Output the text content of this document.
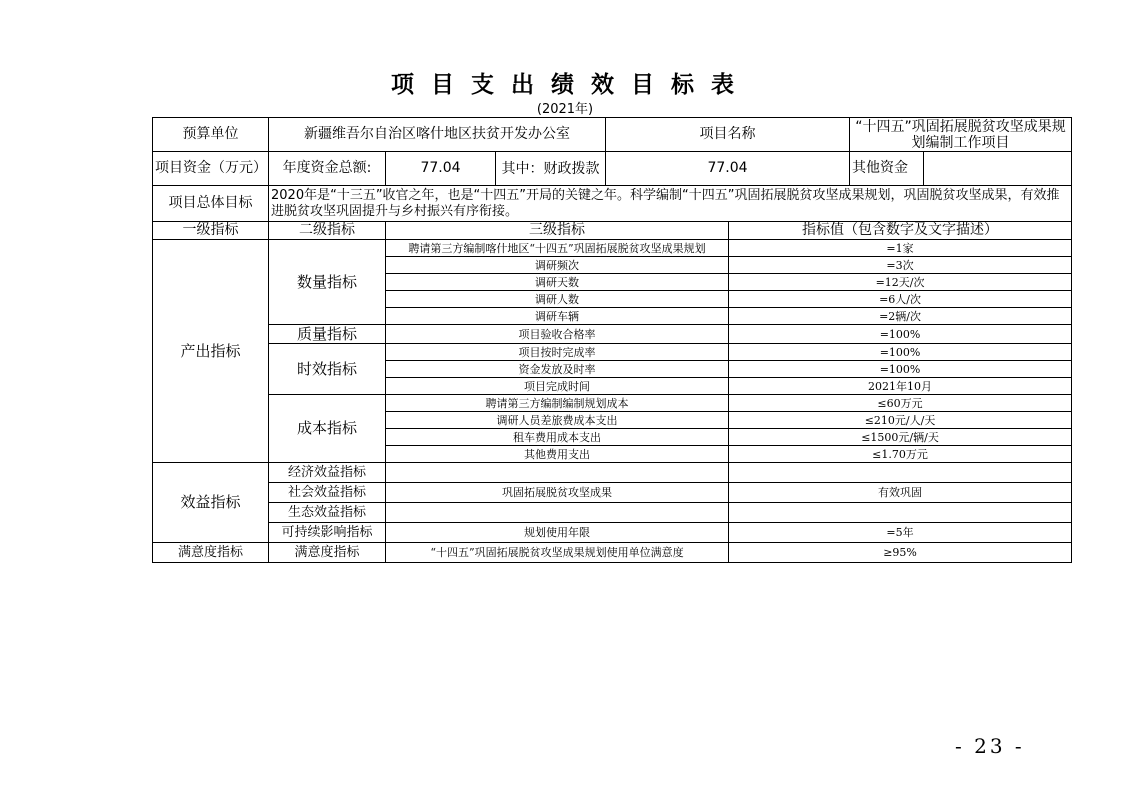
项目支出绩效目标表
(2021年)
预算单位	新疆维吾尔自治区喀什地区扶贫开发办公室			项目名称		“十四五”巩固拓展脱贫攻坚成果规划编制工作项目	
项目资金（万元）	年度资金总额:	77.04	其中：财政拨款	77.04		其他资金	
项目总体目标	2020年是“十三五”收官之年，也是“十四五”开局的关键之年。科学编制“十四五”巩固拓展脱贫攻坚成果规划，巩固脱贫攻坚成果，有效推进脱贫攻坚巩固提升与乡村振兴有序衔接。						
一级指标	二级指标	三级指标			指标值（包含数字及文字描述）		
产出指标	数量指标	聘请第三方编制喀什地区“十四五”巩固拓展脱贫攻坚成果规划			=1家		
		调研频次			=3次		
		调研天数			=12天/次		
		调研人数			=6人/次		
		调研车辆			=2辆/次		
	质量指标	项目验收合格率			=100%		
	时效指标	项目按时完成率			=100%		
		资金发放及时率			=100%		
		项目完成时间			2021年10月		
	成本指标	聘请第三方编制编制规划成本			≤60万元		
		调研人员差旅费成本支出			≤210元/人/天		
		租车费用成本支出			≤1500元/辆/天		
		其他费用支出			≤1.70万元		
效益指标	经济效益指标						
	社会效益指标	巩固拓展脱贫攻坚成果			有效巩固		
	生态效益指标						
	可持续影响指标	规划使用年限			=5年		
满意度指标	满意度指标	“十四五”巩固拓展脱贫攻坚成果规划使用单位满意度			≥95%		
- 23 -
